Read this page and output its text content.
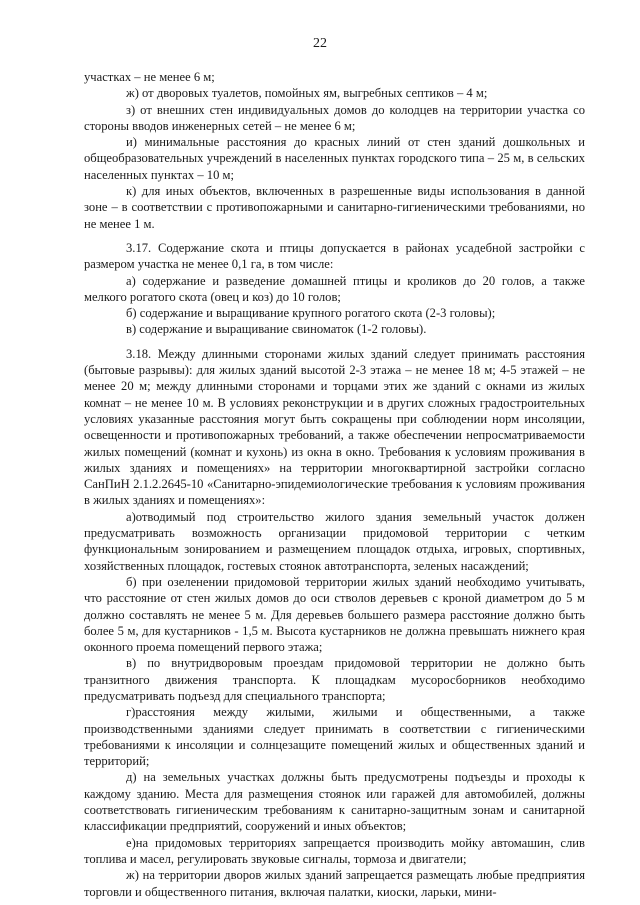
22

участках – не менее 6 м;

ж) от дворовых туалетов, помойных ям, выгребных септиков – 4 м;

з) от внешних стен индивидуальных домов до колодцев на территории участка со стороны вводов инженерных сетей – не менее 6 м;

и) минимальные расстояния до красных линий от стен зданий дошкольных и общеобразовательных учреждений в населенных пунктах городского типа – 25 м, в сельских населенных пунктах – 10 м;

к) для иных объектов, включенных в разрешенные виды использования в данной зоне – в соответствии с противопожарными и санитарно-гигиеническими требованиями, но не менее 1 м.

3.17. Содержание скота и птицы допускается в районах усадебной застройки с размером участка не менее 0,1 га, в том числе:

а) содержание и разведение домашней птицы и кроликов до 20 голов, а также мелкого рогатого скота (овец и коз) до 10 голов;

б) содержание и выращивание крупного рогатого скота (2-3 головы);

в) содержание и выращивание свиноматок (1-2 головы).

3.18. Между длинными сторонами жилых зданий следует принимать расстояния (бытовые разрывы): для жилых зданий высотой 2-3 этажа – не менее 18 м; 4-5 этажей – не менее 20 м; между длинными сторонами и торцами этих же зданий с окнами из жилых комнат – не менее 10 м. В условиях реконструкции и в других сложных градостроительных условиях указанные расстояния могут быть сокращены при соблюдении норм инсоляции, освещенности и противопожарных требований, а также обеспечении непросматриваемости жилых помещений (комнат и кухонь) из окна в окно. Требования к условиям проживания в жилых зданиях и помещениях» на территории многоквартирной застройки согласно СанПиН 2.1.2.2645-10 «Санитарно-эпидемиологические требования к условиям проживания в жилых зданиях и помещениях»:

а)отводимый под строительство жилого здания земельный участок должен предусматривать возможность организации придомовой территории с четким функциональным зонированием и размещением площадок отдыха, игровых, спортивных, хозяйственных площадок, гостевых стоянок автотранспорта, зеленых насаждений;

б) при озеленении придомовой территории жилых зданий необходимо учитывать, что расстояние от стен жилых домов до оси стволов деревьев с кроной диаметром до 5 м должно составлять не менее 5 м. Для деревьев большего размера расстояние должно быть более 5 м, для кустарников - 1,5 м. Высота кустарников не должна превышать нижнего края оконного проема помещений первого этажа;

в) по внутридворовым проездам придомовой территории не должно быть транзитного движения транспорта. К площадкам мусоросборников необходимо предусматривать подъезд для специального транспорта;

г)расстояния между жилыми, жилыми и общественными, а также производственными зданиями следует принимать в соответствии с гигиеническими требованиями к инсоляции и солнцезащите помещений жилых и общественных зданий и территорий;

д) на земельных участках должны быть предусмотрены подъезды и проходы к каждому зданию. Места для размещения стоянок или гаражей для автомобилей, должны соответствовать гигиеническим требованиям к санитарно-защитным зонам и санитарной классификации предприятий, сооружений и иных объектов;

е)на придомовых территориях запрещается производить мойку автомашин, слив топлива и масел, регулировать звуковые сигналы, тормоза и двигатели;

ж) на территории дворов жилых зданий запрещается размещать любые предприятия торговли и общественного питания, включая палатки, киоски, ларьки, мини-
